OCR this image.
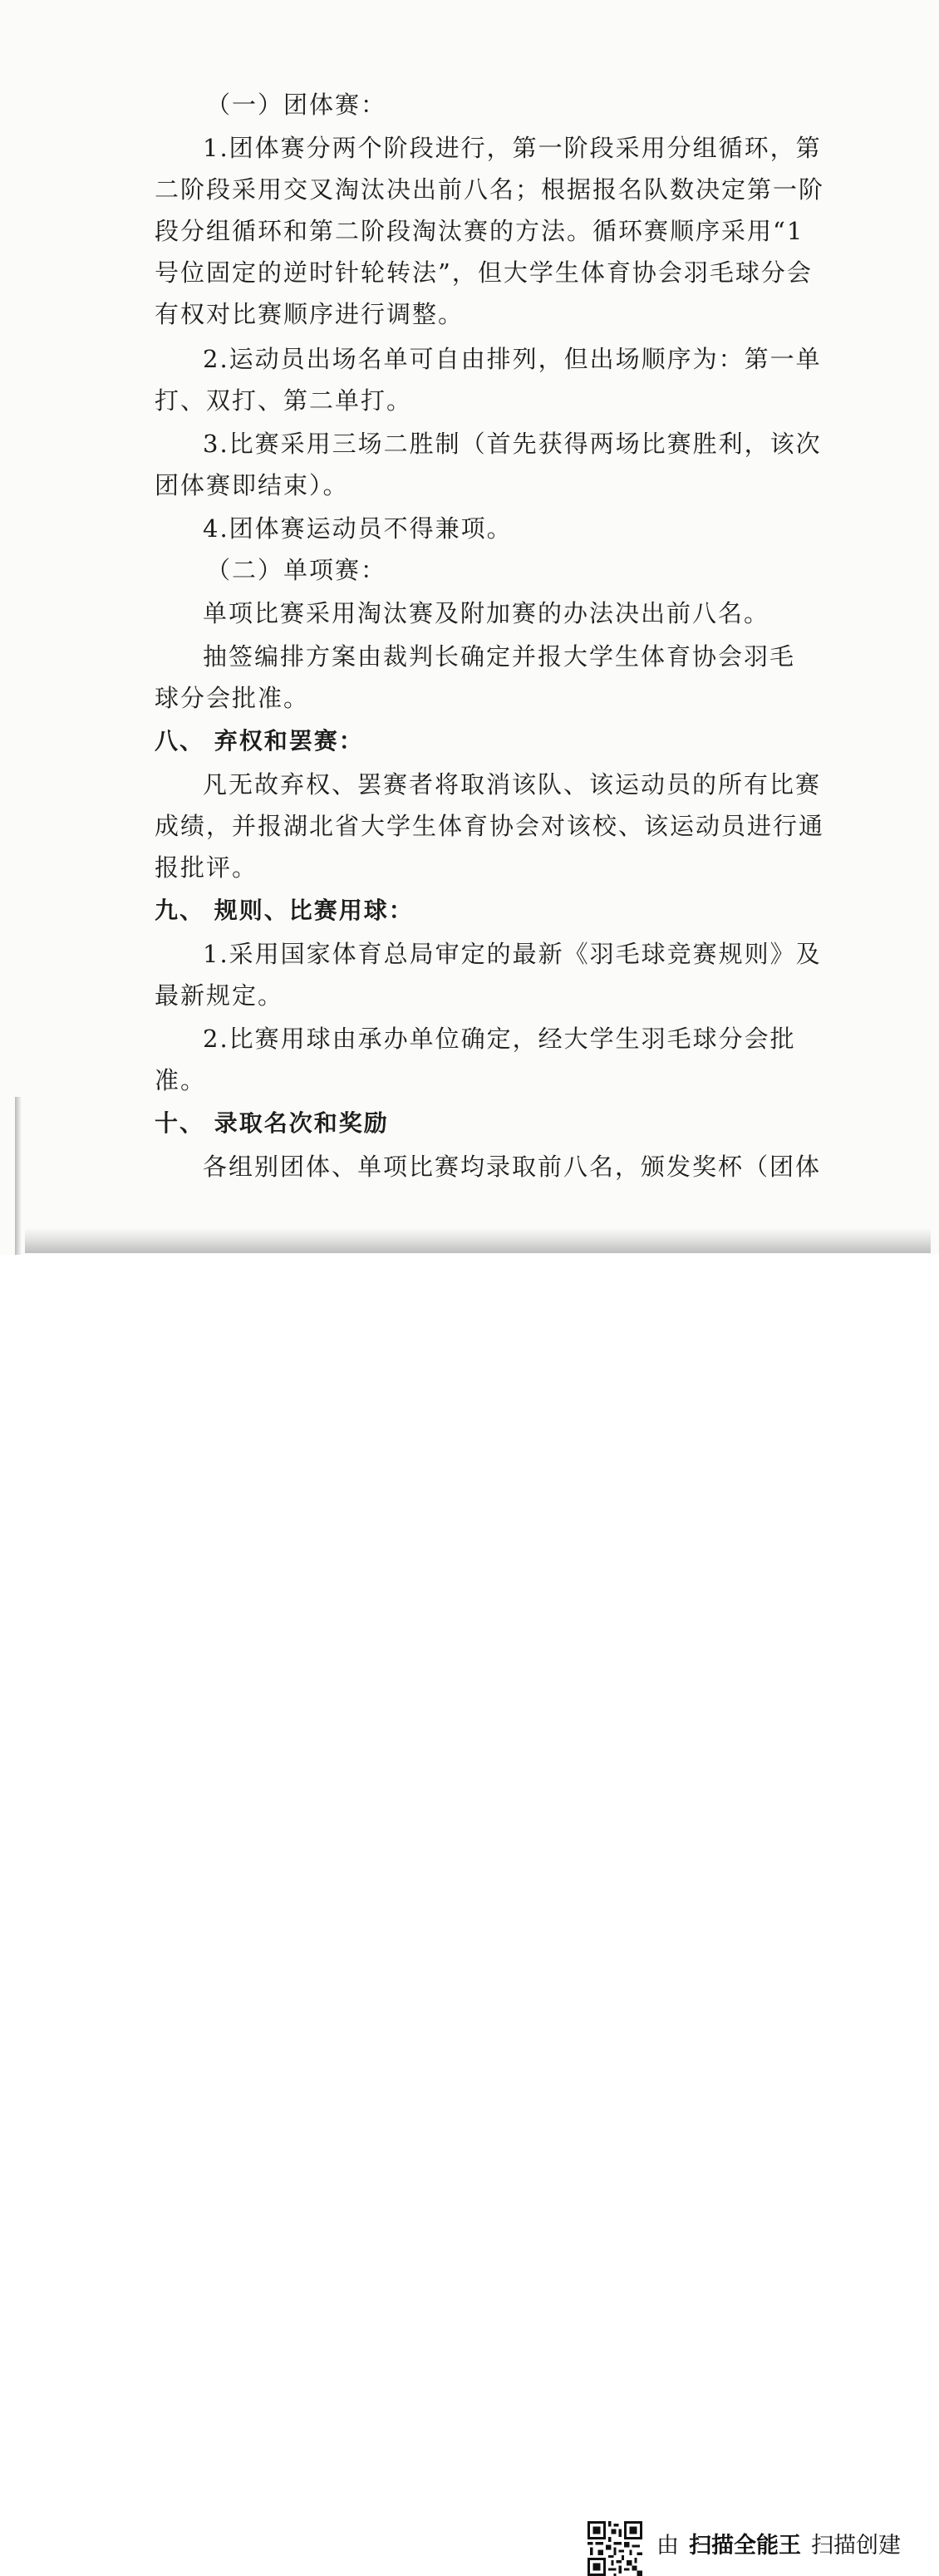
（一）团体赛：
1.团体赛分两个阶段进行，第一阶段采用分组循环，第
二阶段采用交叉淘汰决出前八名；根据报名队数决定第一阶
段分组循环和第二阶段淘汰赛的方法。循环赛顺序采用“1
号位固定的逆时针轮转法”，但大学生体育协会羽毛球分会
有权对比赛顺序进行调整。
2.运动员出场名单可自由排列，但出场顺序为：第一单
打、双打、第二单打。
3.比赛采用三场二胜制（首先获得两场比赛胜利，该次
团体赛即结束）。
4.团体赛运动员不得兼项。
（二）单项赛：
单项比赛采用淘汰赛及附加赛的办法决出前八名。
抽签编排方案由裁判长确定并报大学生体育协会羽毛
球分会批准。
八、 弃权和罢赛：
凡无故弃权、罢赛者将取消该队、该运动员的所有比赛
成绩，并报湖北省大学生体育协会对该校、该运动员进行通
报批评。
九、 规则、比赛用球：
1.采用国家体育总局审定的最新《羽毛球竞赛规则》及
最新规定。
2.比赛用球由承办单位确定，经大学生羽毛球分会批
准。
十、 录取名次和奖励
各组别团体、单项比赛均录取前八名，颁发奖杯（团体
由 扫描全能王 扫描创建
